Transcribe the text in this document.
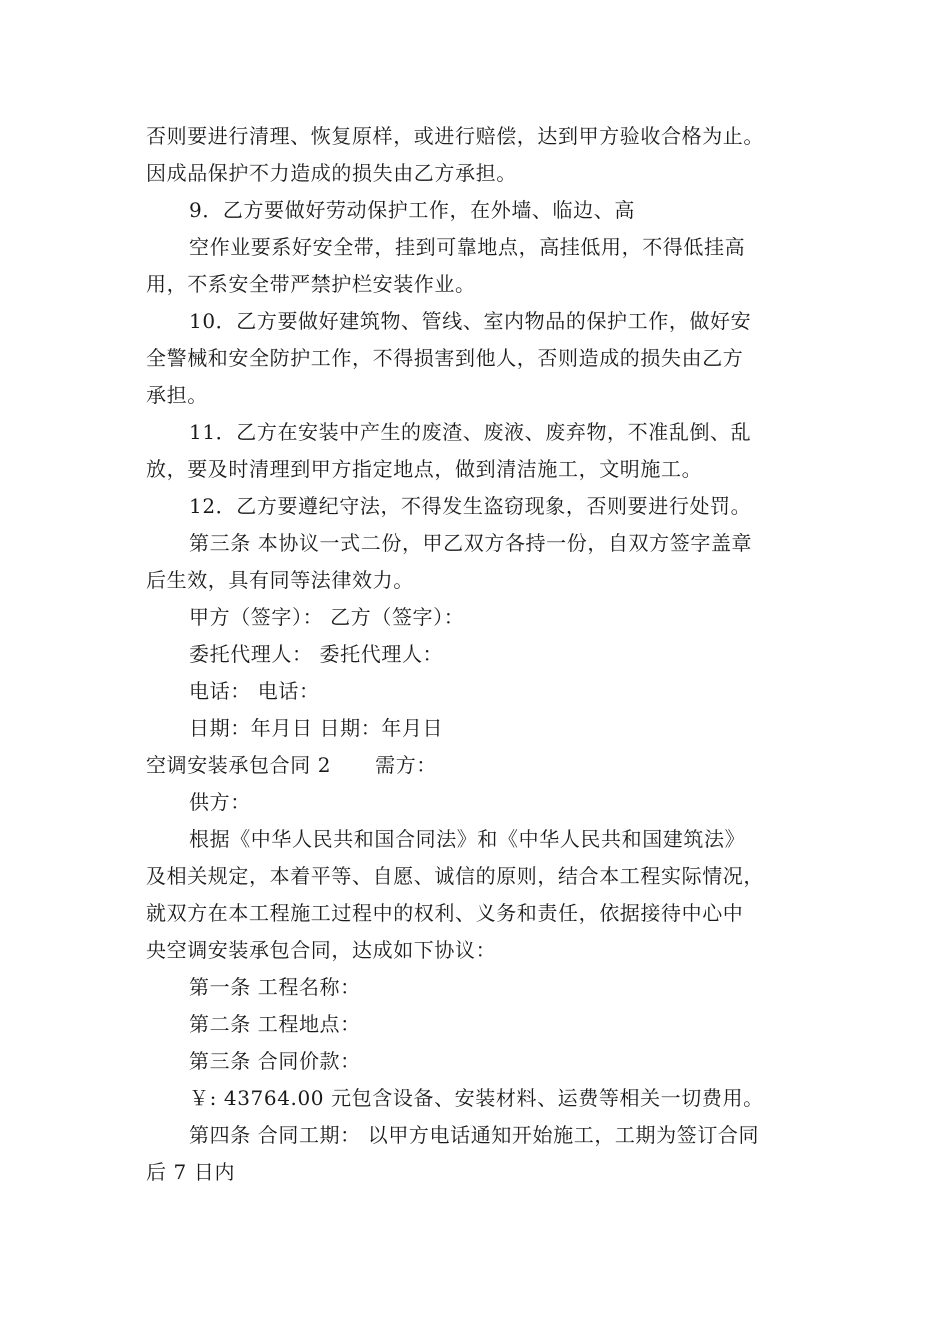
否则要进行清理、恢复原样，或进行赔偿，达到甲方验收合格为止。
因成品保护不力造成的损失由乙方承担。
9．乙方要做好劳动保护工作，在外墙、临边、高
空作业要系好安全带，挂到可靠地点，高挂低用，不得低挂高
用，不系安全带严禁护栏安装作业。
10．乙方要做好建筑物、管线、室内物品的保护工作，做好安
全警械和安全防护工作，不得损害到他人，否则造成的损失由乙方
承担。
11．乙方在安装中产生的废渣、废液、废弃物，不准乱倒、乱
放，要及时清理到甲方指定地点，做到清洁施工，文明施工。
12．乙方要遵纪守法，不得发生盗窃现象，否则要进行处罚。
第三条 本协议一式二份，甲乙双方各持一份，自双方签字盖章
后生效，具有同等法律效力。
甲方（签字）： 乙方（签字）：
委托代理人： 委托代理人：
电话： 电话：
日期：年月日 日期：年月日
空调安装承包合同 2 需方：
供方：
根据《中华人民共和国合同法》和《中华人民共和国建筑法》
及相关规定，本着平等、自愿、诚信的原则，结合本工程实际情况，
就双方在本工程施工过程中的权利、义务和责任，依据接待中心中
央空调安装承包合同，达成如下协议：
第一条 工程名称：
第二条 工程地点：
第三条 合同价款：
￥: 43764.00 元包含设备、安装材料、运费等相关一切费用。
第四条 合同工期： 以甲方电话通知开始施工，工期为签订合同
后 7 日内
